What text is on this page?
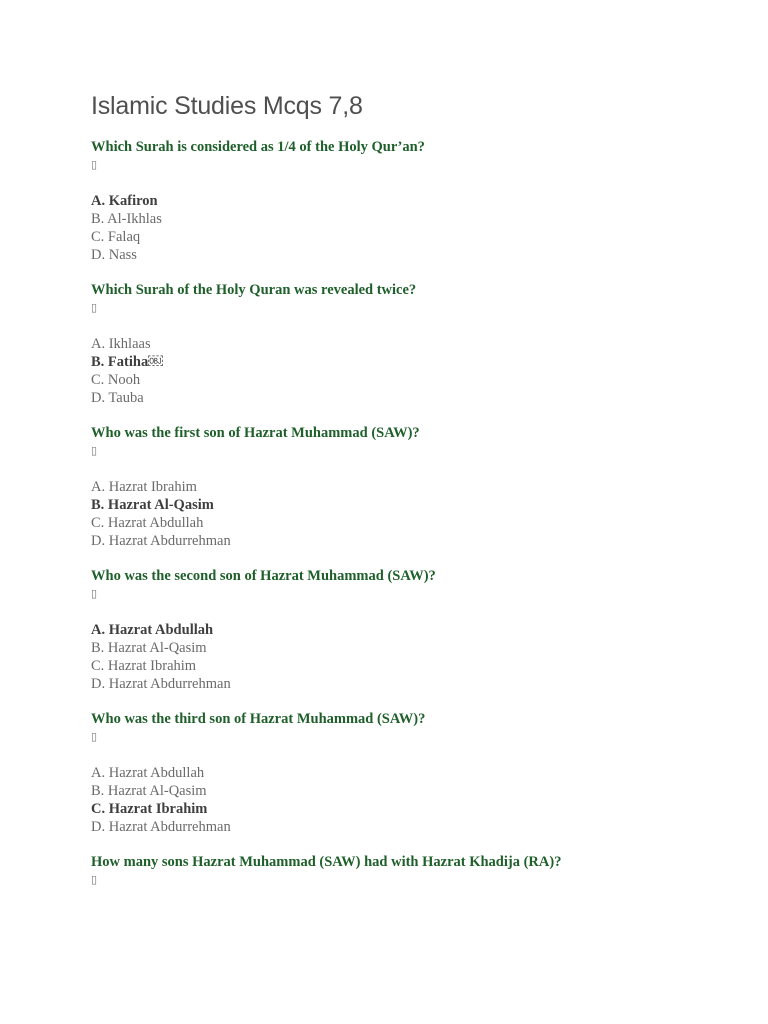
Islamic Studies Mcqs 7,8

Which Surah is considered as 1/4 of the Holy Qur’an?

▯

A. Kafiron
B. Al-Ikhlas
C. Falaq
D. Nass

Which Surah of the Holy Quran was revealed twice?

▯

A. Ikhlaas
B. Fatiha￼
C. Nooh
D. Tauba

Who was the first son of Hazrat Muhammad (SAW)?

▯

A. Hazrat Ibrahim
B. Hazrat Al-Qasim
C. Hazrat Abdullah
D. Hazrat Abdurrehman

Who was the second son of Hazrat Muhammad (SAW)?

▯

A. Hazrat Abdullah
B. Hazrat Al-Qasim
C. Hazrat Ibrahim
D. Hazrat Abdurrehman

Who was the third son of Hazrat Muhammad (SAW)?

▯

A. Hazrat Abdullah
B. Hazrat Al-Qasim
C. Hazrat Ibrahim
D. Hazrat Abdurrehman

How many sons Hazrat Muhammad (SAW) had with Hazrat Khadija (RA)?

▯
